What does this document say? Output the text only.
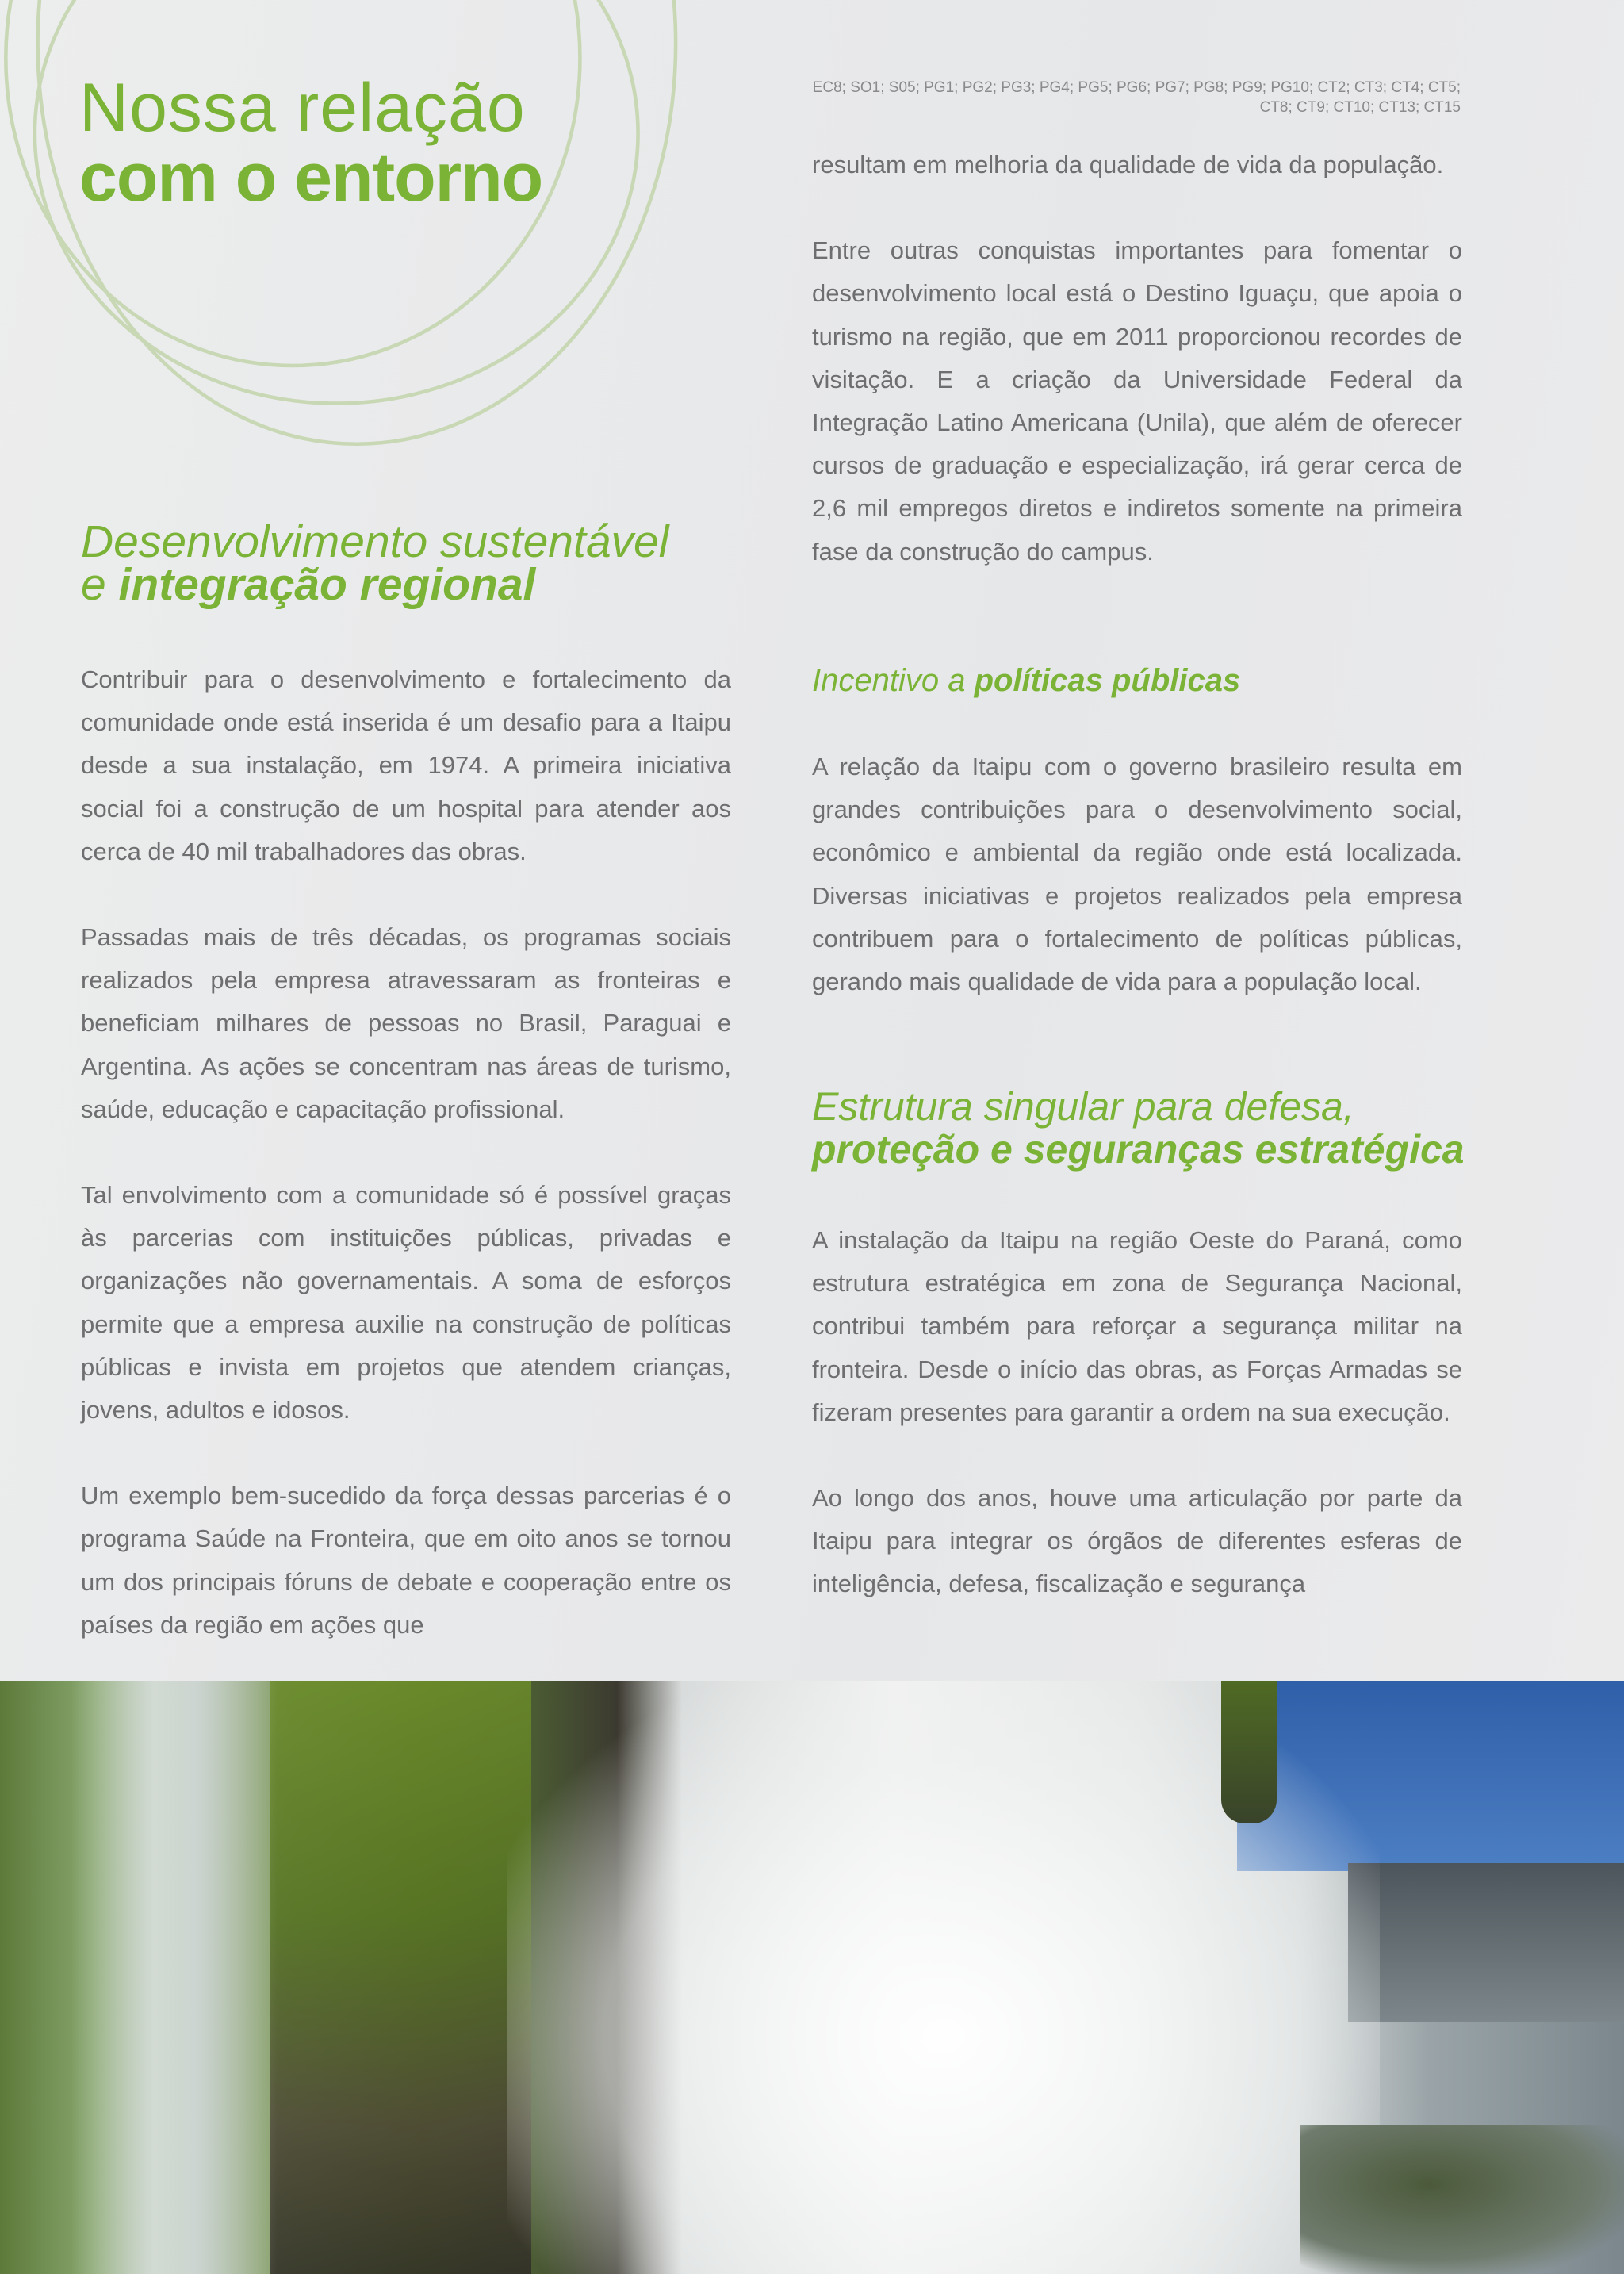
Nossa relação
com o entorno
EC8; SO1; S05; PG1; PG2; PG3; PG4; PG5; PG6; PG7; PG8; PG9; PG10; CT2; CT3; CT4; CT5; CT8; CT9; CT10; CT13; CT15
Desenvolvimento sustentável
e integração regional

Contribuir para o desenvolvimento e fortalecimento da comunidade onde está inserida é um desafio para a Itaipu desde a sua instalação, em 1974. A primeira iniciativa social foi a construção de um hospital para atender aos cerca de 40 mil trabalhadores das obras.

Passadas mais de três décadas, os programas sociais realizados pela empresa atravessaram as fronteiras e beneficiam milhares de pessoas no Brasil, Paraguai e Argentina. As ações se concentram nas áreas de turismo, saúde, educação e capacitação profissional.

Tal envolvimento com a comunidade só é possível graças às parcerias com instituições públicas, privadas e organizações não governamentais. A soma de esforços permite que a empresa auxilie na construção de políticas públicas e invista em projetos que atendem crianças, jovens, adultos e idosos.

Um exemplo bem-sucedido da força dessas parcerias é o programa Saúde na Fronteira, que em oito anos se tornou um dos principais fóruns de debate e cooperação entre os países da região em ações que

resultam em melhoria da qualidade de vida da população.

Entre outras conquistas importantes para fomentar o desenvolvimento local está o Destino Iguaçu, que apoia o turismo na região, que em 2011 proporcionou recordes de visitação. E a criação da Universidade Federal da Integração Latino Americana (Unila), que além de oferecer cursos de graduação e especialização, irá gerar cerca de 2,6 mil empregos diretos e indiretos somente na primeira fase da construção do campus.

Incentivo a políticas públicas

A relação da Itaipu com o governo brasileiro resulta em grandes contribuições para o desenvolvimento social, econômico e ambiental da região onde está localizada. Diversas iniciativas e projetos realizados pela empresa contribuem para o fortalecimento de políticas públicas, gerando mais qualidade de vida para a população local.

Estrutura singular para defesa,
proteção e seguranças estratégica

A instalação da Itaipu na região Oeste do Paraná, como estrutura estratégica em zona de Segurança Nacional, contribui também para reforçar a segurança militar na fronteira. Desde o início das obras, as Forças Armadas se fizeram presentes para garantir a ordem na sua execução.

Ao longo dos anos, houve uma articulação por parte da Itaipu para integrar os órgãos de diferentes esferas de inteligência, defesa, fiscalização e segurança
